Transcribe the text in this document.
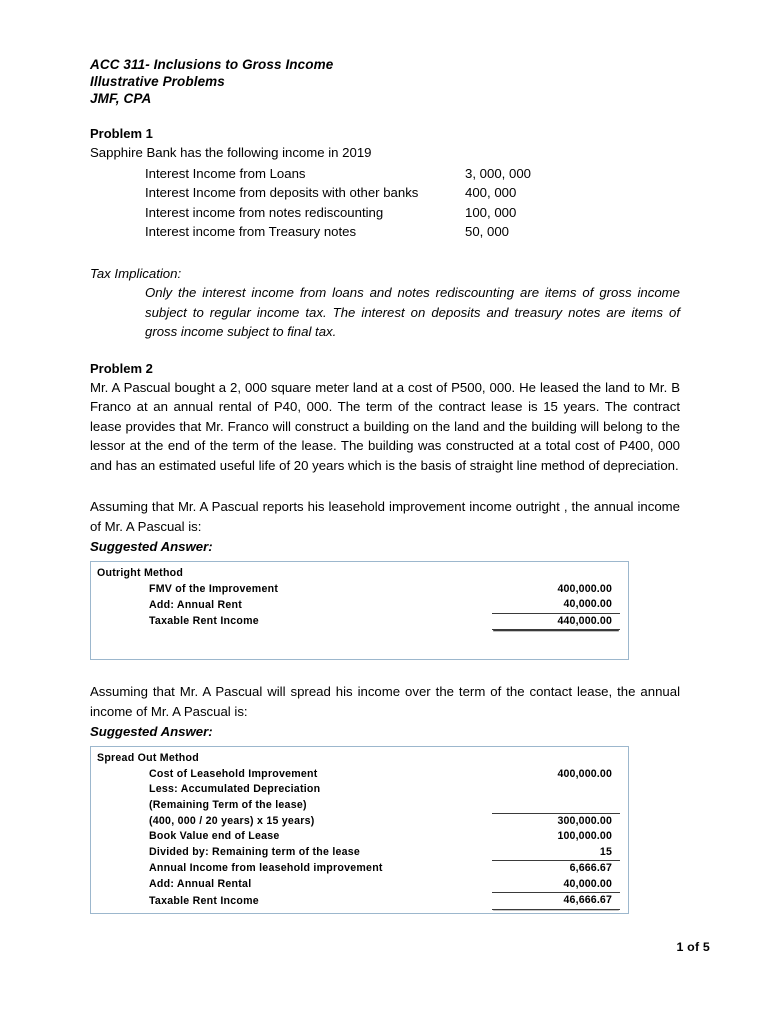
ACC 311- Inclusions to Gross Income
Illustrative Problems
JMF, CPA
Problem 1
Sapphire Bank has the following income in 2019
Interest Income from Loans	3, 000, 000
Interest Income from deposits with other banks	400, 000
Interest income from notes rediscounting	100, 000
Interest income from Treasury notes	50, 000
Tax Implication:
Only the interest income from loans and notes rediscounting are items of gross income subject to regular income tax. The interest on deposits and treasury notes are items of gross income subject to final tax.
Problem 2
Mr. A Pascual bought a 2, 000 square meter land at a cost of P500, 000. He leased the land to Mr. B Franco at an annual rental of P40, 000. The term of the contract lease is 15 years. The contract lease provides that Mr. Franco will construct a building on the land and the building will belong to the lessor at the end of the term of the lease. The building was constructed at a total cost of P400, 000 and has an estimated useful life of 20 years which is the basis of straight line method of depreciation.
Assuming that Mr. A Pascual reports his leasehold improvement income outright , the annual income of Mr. A Pascual is:
Suggested Answer:
Outright Method	
FMV of the Improvement	400,000.00
Add: Annual Rent	40,000.00
Taxable Rent Income	440,000.00
Assuming that Mr. A Pascual will spread his income over the term of the contact lease, the annual income of Mr. A Pascual is:
Suggested Answer:
Spread Out Method	
Cost of Leasehold Improvement	400,000.00
Less: Accumulated Depreciation	
(Remaining Term of the lease)	
(400, 000 / 20 years) x 15 years)	300,000.00
Book Value end of Lease	100,000.00
Divided by: Remaining term of the lease	15
Annual Income from leasehold improvement	6,666.67
Add: Annual Rental	40,000.00
Taxable Rent Income	46,666.67
1 of 5
